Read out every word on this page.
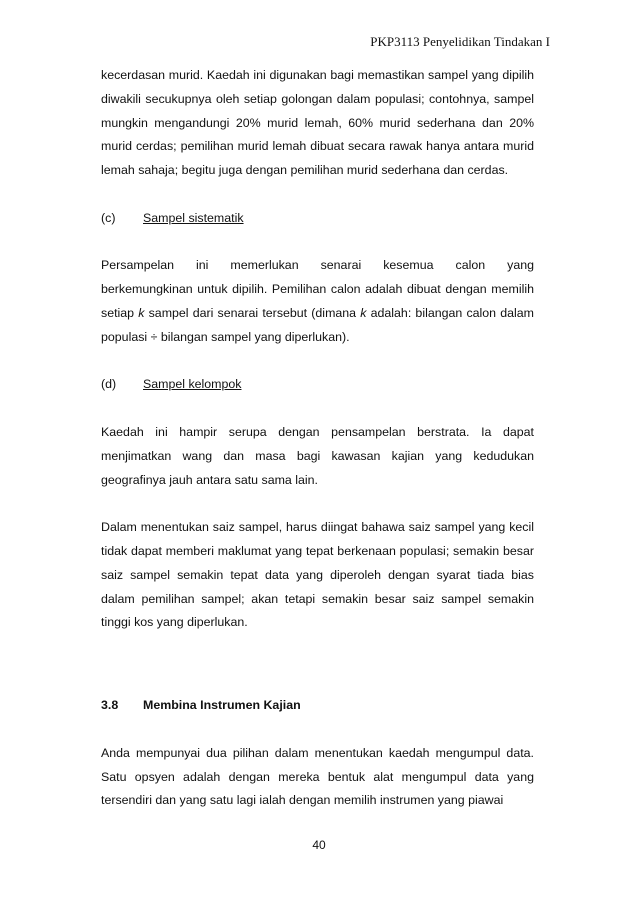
PKP3113 Penyelidikan Tindakan I

kecerdasan murid. Kaedah ini digunakan bagi memastikan sampel yang dipilih diwakili secukupnya oleh setiap golongan dalam populasi; contohnya, sampel mungkin mengandungi 20% murid lemah, 60% murid sederhana dan 20% murid cerdas; pemilihan murid lemah dibuat secara rawak hanya antara murid lemah sahaja; begitu juga dengan pemilihan murid sederhana dan cerdas.

(c) Sampel sistematik

Persampelan ini memerlukan senarai kesemua calon yang

berkemungkinan untuk dipilih. Pemilihan calon adalah dibuat dengan memilih setiap k sampel dari senarai tersebut (dimana k adalah: bilangan calon dalam populasi ÷ bilangan sampel yang diperlukan).

(d) Sampel kelompok

Kaedah ini hampir serupa dengan pensampelan berstrata. Ia dapat menjimatkan wang dan masa bagi kawasan kajian yang kedudukan geografinya jauh antara satu sama lain.

Dalam menentukan saiz sampel, harus diingat bahawa saiz sampel yang kecil tidak dapat memberi maklumat yang tepat berkenaan populasi; semakin besar saiz sampel semakin tepat data yang diperoleh dengan syarat tiada bias dalam pemilihan sampel; akan tetapi semakin besar saiz sampel semakin tinggi kos yang diperlukan.

3.8 Membina Instrumen Kajian

Anda mempunyai dua pilihan dalam menentukan kaedah mengumpul data. Satu opsyen adalah dengan mereka bentuk alat mengumpul data yang tersendiri dan yang satu lagi ialah dengan memilih instrumen yang piawai

40
